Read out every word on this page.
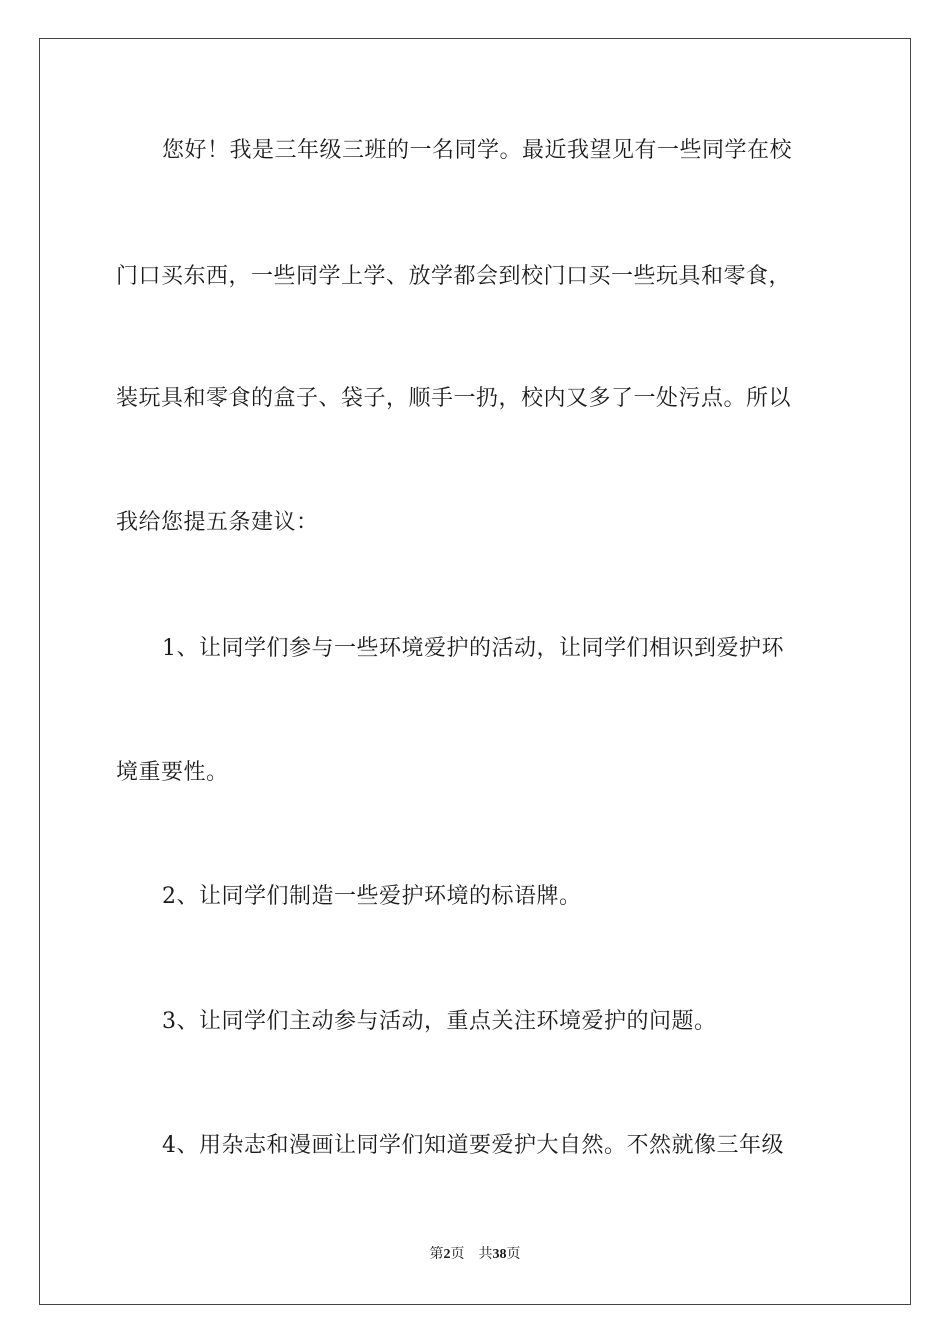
您好！我是三年级三班的一名同学。最近我望见有一些同学在校
门口买东西，一些同学上学、放学都会到校门口买一些玩具和零食，
装玩具和零食的盒子、袋子，顺手一扔，校内又多了一处污点。所以
我给您提五条建议：
1、让同学们参与一些环境爱护的活动，让同学们相识到爱护环
境重要性。
2、让同学们制造一些爱护环境的标语牌。
3、让同学们主动参与活动，重点关注环境爱护的问题。
4、用杂志和漫画让同学们知道要爱护大自然。不然就像三年级
第2页 共38页
